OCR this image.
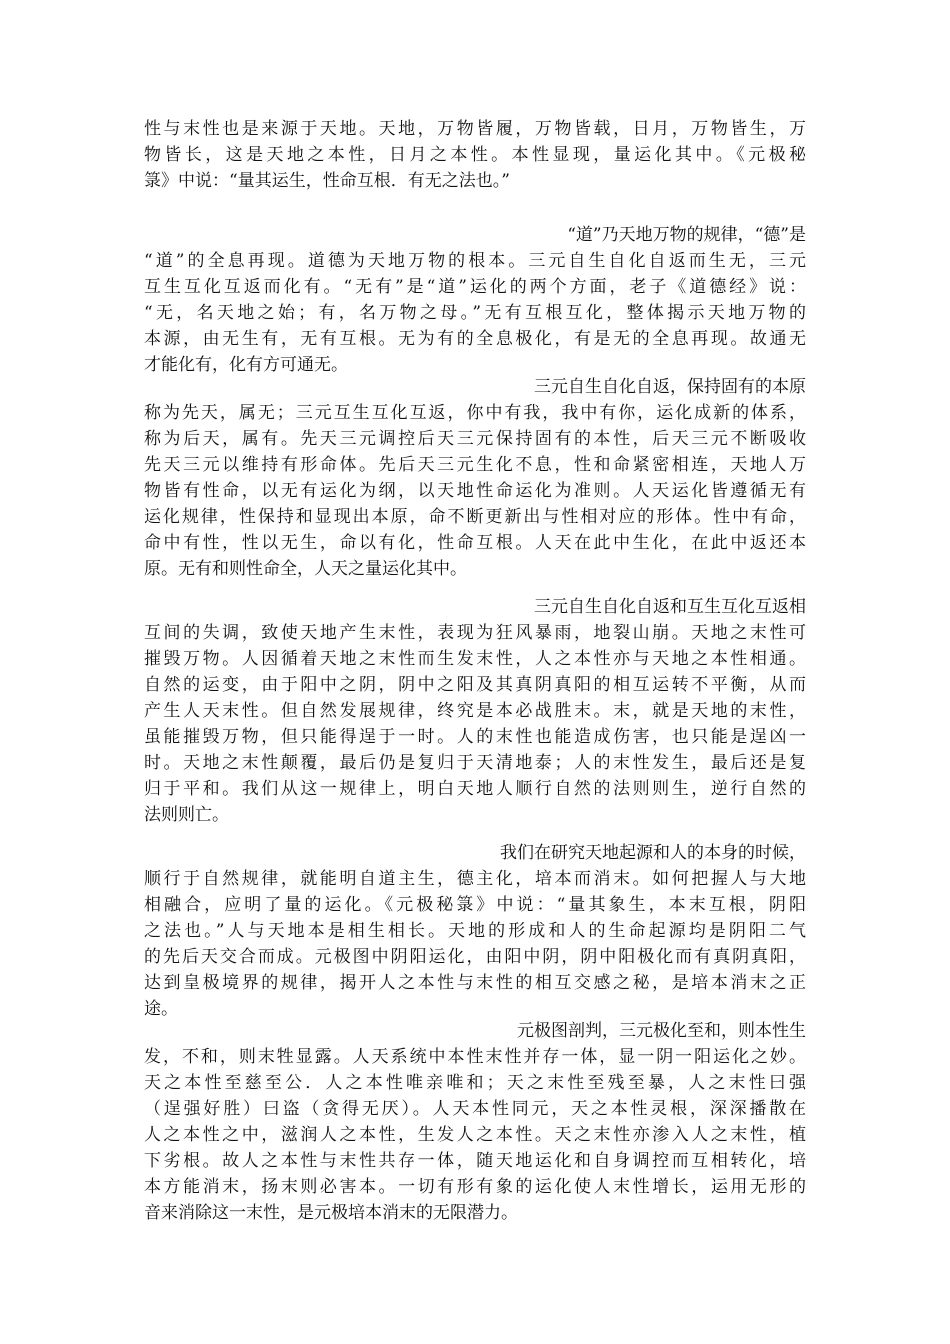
性与末性也是来源于天地。天地，万物皆履，万物皆载，日月，万物皆生，万
物皆长，这是天地之本性，日月之本性。本性显现，量运化其中。《元极秘
箓》中说：“量其运生，性命互根．有无之法也。”
“道”乃天地万物的规律，“德”是
“道”的全息再现。道德为天地万物的根本。三元自生自化自返而生无，三元
互生互化互返而化有。“无有”是“道”运化的两个方面，老子《道德经》说：
“无，名天地之始；有，名万物之母。”无有互根互化，整体揭示天地万物的
本源，由无生有，无有互根。无为有的全息极化，有是无的全息再现。故通无
才能化有，化有方可通无。
三元自生自化自返，保持固有的本原
称为先天，属无；三元互生互化互返，你中有我，我中有你，运化成新的体系，
称为后天，属有。先天三元调控后天三元保持固有的本性，后天三元不断吸收
先天三元以维持有形命体。先后天三元生化不息，性和命紧密相连，天地人万
物皆有性命，以无有运化为纲，以天地性命运化为准则。人天运化皆遵循无有
运化规律，性保持和显现出本原，命不断更新出与性相对应的形体。性中有命，
命中有性，性以无生，命以有化，性命互根。人天在此中生化，在此中返还本
原。无有和则性命全，人天之量运化其中。
三元自生自化自返和互生互化互返相
互间的失调，致使天地产生末性，表现为狂风暴雨，地裂山崩。天地之末性可
摧毁万物。人因循着天地之末性而生发末性，人之本性亦与天地之本性相通。
自然的运变，由于阳中之阴，阴中之阳及其真阴真阳的相互运转不平衡，从而
产生人天末性。但自然发展规律，终究是本必战胜末。末，就是天地的末性，
虽能摧毁万物，但只能得逞于一时。人的末性也能造成伤害，也只能是逞凶一
时。天地之末性颠覆，最后仍是复归于天清地泰；人的末性发生，最后还是复
归于平和。我们从这一规律上，明白天地人顺行自然的法则则生，逆行自然的
法则则亡。
我们在研究天地起源和人的本身的时候，
顺行于自然规律，就能明自道主生，德主化，培本而消末。如何把握人与大地
相融合，应明了量的运化。《元极秘箓》中说：“量其象生，本末互根，阴阳
之法也。”人与天地本是相生相长。天地的形成和人的生命起源均是阴阳二气
的先后天交合而成。元极图中阴阳运化，由阳中阴，阴中阳极化而有真阴真阳，
达到皇极境界的规律，揭开人之本性与末性的相互交感之秘，是培本消末之正
途。
元极图剖判，三元极化至和，则本性生
发，不和，则末牲显露。人天系统中本性末性并存一体，显一阴一阳运化之妙。
天之本性至慈至公．人之本性唯亲唯和；天之末性至残至暴，人之末性曰强
（逞强好胜）曰盗（贪得无厌）。人天本性同元，天之本性灵根，深深播散在
人之本性之中，滋润人之本性，生发人之本性。天之末性亦渗入人之末性，植
下劣根。故人之本性与末性共存一体，随天地运化和自身调控而互相转化，培
本方能消末，扬末则必害本。一切有形有象的运化使人末性增长，运用无形的
音来消除这一末性，是元极培本消末的无限潜力。
